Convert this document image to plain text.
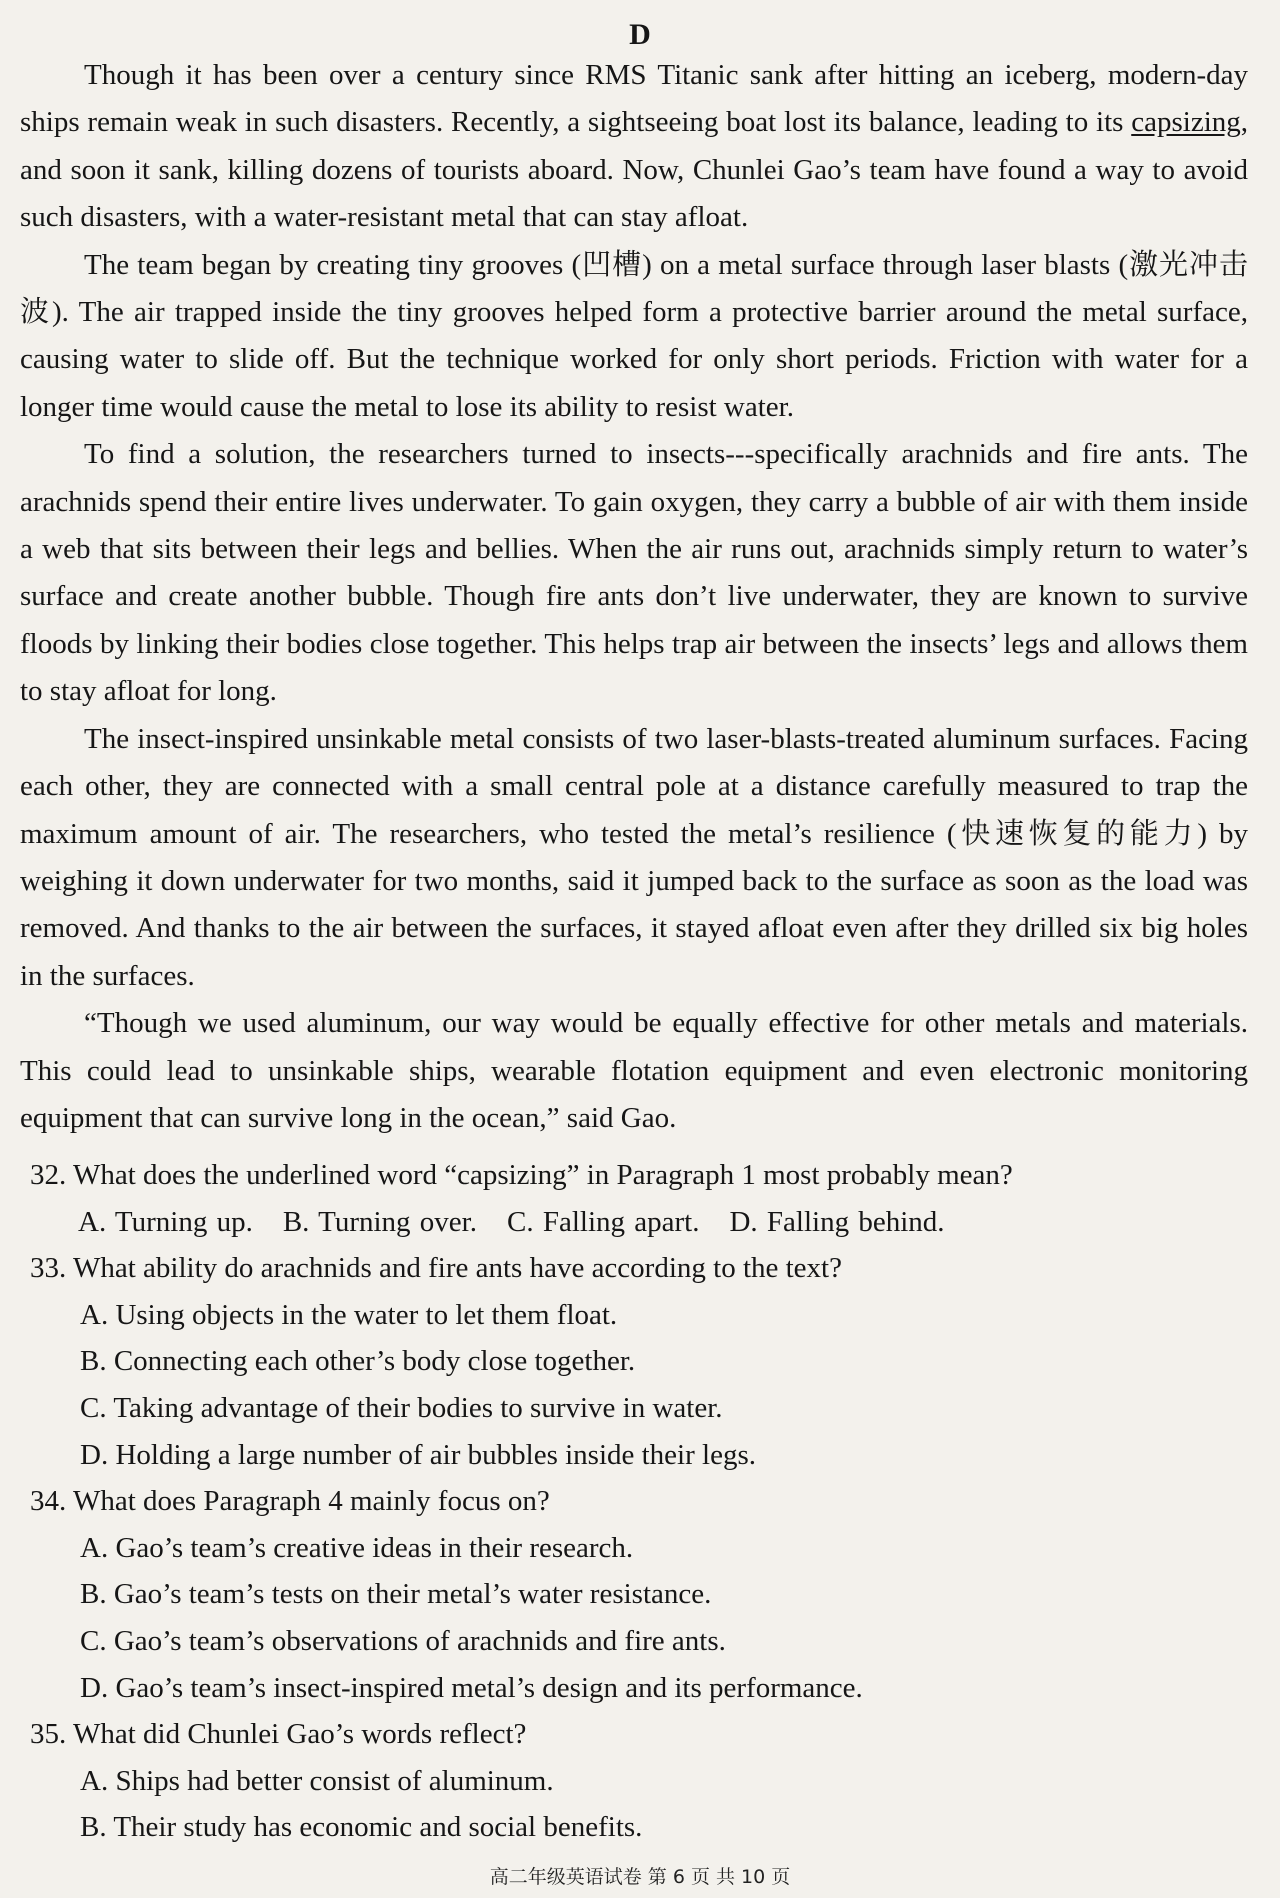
D

Though it has been over a century since RMS Titanic sank after hitting an iceberg, modern-day ships remain weak in such disasters. Recently, a sightseeing boat lost its balance, leading to its capsizing, and soon it sank, killing dozens of tourists aboard. Now, Chunlei Gao’s team have found a way to avoid such disasters, with a water-resistant metal that can stay afloat.

The team began by creating tiny grooves (凹槽) on a metal surface through laser blasts (激光冲击波). The air trapped inside the tiny grooves helped form a protective barrier around the metal surface, causing water to slide off. But the technique worked for only short periods. Friction with water for a longer time would cause the metal to lose its ability to resist water.

To find a solution, the researchers turned to insects---specifically arachnids and fire ants. The arachnids spend their entire lives underwater. To gain oxygen, they carry a bubble of air with them inside a web that sits between their legs and bellies. When the air runs out, arachnids simply return to water’s surface and create another bubble. Though fire ants don’t live underwater, they are known to survive floods by linking their bodies close together. This helps trap air between the insects’ legs and allows them to stay afloat for long.

The insect-inspired unsinkable metal consists of two laser-blasts-treated aluminum surfaces. Facing each other, they are connected with a small central pole at a distance carefully measured to trap the maximum amount of air. The researchers, who tested the metal’s resilience (快速恢复的能力) by weighing it down underwater for two months, said it jumped back to the surface as soon as the load was removed. And thanks to the air between the surfaces, it stayed afloat even after they drilled six big holes in the surfaces.

“Though we used aluminum, our way would be equally effective for other metals and materials. This could lead to unsinkable ships, wearable flotation equipment and even electronic monitoring equipment that can survive long in the ocean,” said Gao.

32. What does the underlined word “capsizing” in Paragraph 1 most probably mean?

A. Turning up. B. Turning over. C. Falling apart. D. Falling behind.

33. What ability do arachnids and fire ants have according to the text?

A. Using objects in the water to let them float.

B. Connecting each other’s body close together.

C. Taking advantage of their bodies to survive in water.

D. Holding a large number of air bubbles inside their legs.

34. What does Paragraph 4 mainly focus on?

A. Gao’s team’s creative ideas in their research.

B. Gao’s team’s tests on their metal’s water resistance.

C. Gao’s team’s observations of arachnids and fire ants.

D. Gao’s team’s insect-inspired metal’s design and its performance.

35. What did Chunlei Gao’s words reflect?

A. Ships had better consist of aluminum.

B. Their study has economic and social benefits.

高二年级英语试卷 第 6 页 共 10 页
